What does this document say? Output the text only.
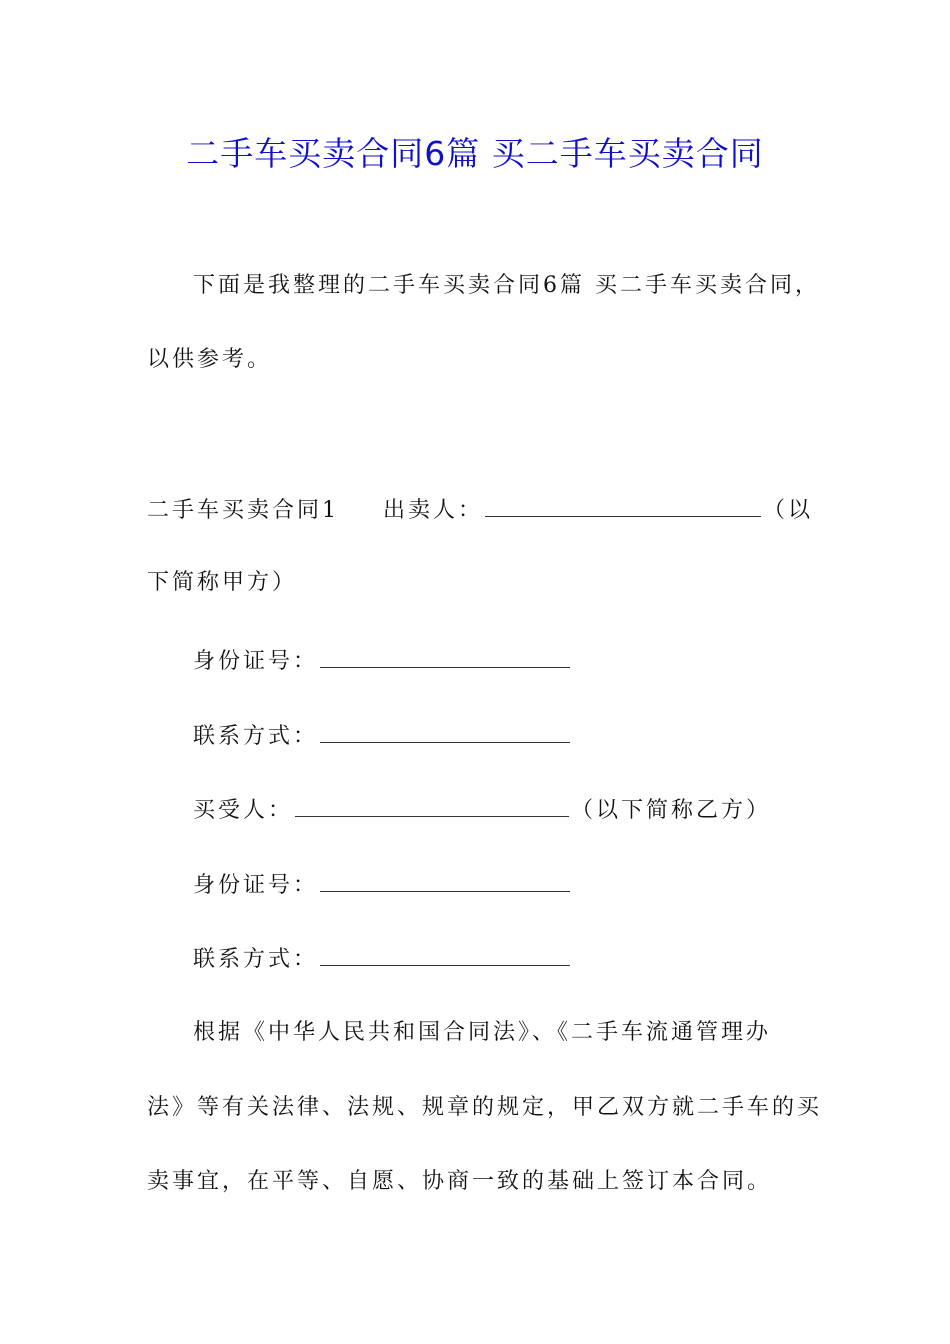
二手车买卖合同6篇 买二手车买卖合同
下面是我整理的二手车买卖合同6篇 买二手车买卖合同，
以供参考。
二手车买卖合同1 出卖人：	（以
下简称甲方）
身份证号：
联系方式：
买受人：	（以下简称乙方）
身份证号：
联系方式：
根据《中华人民共和国合同法》、《二手车流通管理办
法》等有关法律、法规、规章的规定，甲乙双方就二手车的买
卖事宜，在平等、自愿、协商一致的基础上签订本合同。
